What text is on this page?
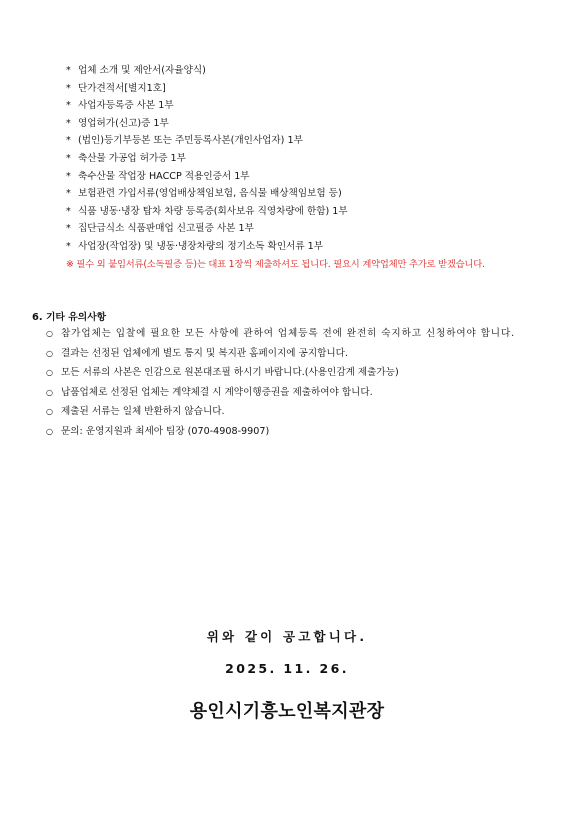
* 업체 소개 및 제안서(자율양식)
* 단가견적서[별지1호]
* 사업자등록증 사본 1부
* 영업허가(신고)증 1부
* (법인)등기부등본 또는 주민등록사본(개인사업자) 1부
* 축산물 가공업 허가증 1부
* 축수산물 작업장 HACCP 적용인증서 1부
* 보험관련 가입서류(영업배상책임보험, 음식물 배상책임보험 등)
* 식품 냉동·냉장 탑차 차량 등록증(회사보유 직영차량에 한함) 1부
* 집단급식소 식품판매업 신고필증 사본 1부
* 사업장(작업장) 및 냉동·냉장차량의 정기소독 확인서류 1부
※ 필수 외 붙임서류(소독필증 등)는 대표 1장씩 제출하셔도 됩니다. 필요시 계약업체만 추가로 받겠습니다.
6. 기타 유의사항
○ 참가업체는 입찰에 필요한 모든 사항에 관하여 업체등록 전에 완전히 숙지하고 신청하여야 합니다.
○ 결과는 선정된 업체에게 별도 통지 및 복지관 홈페이지에 공지합니다.
○ 모든 서류의 사본은 인감으로 원본대조필 하시기 바랍니다.(사용인감계 제출가능)
○ 납품업체로 선정된 업체는 계약체결 시 계약이행증권을 제출하여야 합니다.
○ 제출된 서류는 일체 반환하지 않습니다.
○ 문의: 운영지원과 최세아 팀장 (070-4908-9907)
위와 같이 공고합니다.
2025. 11. 26.
용인시기흥노인복지관장
